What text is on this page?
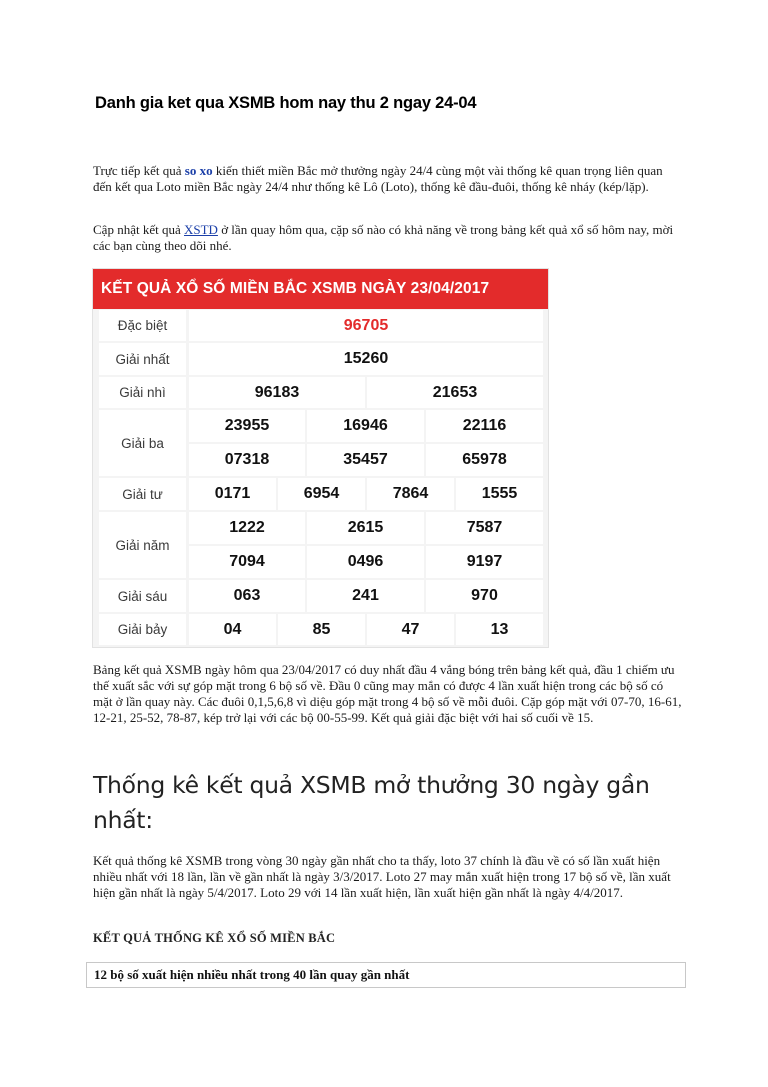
Danh gia ket qua XSMB hom nay thu 2 ngay 24-04

Trực tiếp kết quả so xo kiến thiết miền Bắc mở thưởng ngày 24/4 cùng một vài thống kê quan trọng liên quan đến kết qua Loto miền Bắc ngày 24/4 như thống kê Lô (Loto), thống kê đầu-đuôi, thống kê nháy (kép/lặp).

Cập nhật kết quả XSTD ở lần quay hôm qua, cặp số nào có khả năng về trong bảng kết quả xổ số hôm nay, mời các bạn cùng theo dõi nhé.

KẾT QUẢ XỔ SỐ MIỀN BẮC XSMB NGÀY 23/04/2017
Đặc biệt	96705
Giải nhất	15260
Giải nhì	96183	21653
Giải ba
23955	16946	22116
07318	35457	65978
Giải tư	0171	6954	7864	1555
Giải năm
1222	2615	7587
7094	0496	9197
Giải sáu	063	241	970
Giải bảy	04	85	47	13

Bảng kết quả XSMB ngày hôm qua 23/04/2017 có duy nhất đầu 4 vắng bóng trên bảng kết quả, đầu 1 chiếm ưu thế xuất sắc với sự góp mặt trong 6 bộ số về. Đầu 0 cũng may mắn có được 4 lần xuất hiện trong các bộ số có mặt ở lần quay này. Các đuôi 0,1,5,6,8 vì diệu góp mặt trong 4 bộ số về mỗi đuôi. Cặp góp mặt với 07-70, 16-61, 12-21, 25-52, 78-87, kép trở lại với các bộ 00-55-99. Kết quả giải đặc biệt với hai số cuối về 15.

Thống kê kết quả XSMB mở thưởng 30 ngày gần nhất:

Kết quả thống kê XSMB trong vòng 30 ngày gần nhất cho ta thấy, loto 37 chính là đầu về có số lần xuất hiện nhiều nhất với 18 lần, lần về gần nhất là ngày 3/3/2017. Loto 27 may mắn xuất hiện trong 17 bộ số về, lần xuất hiện gần nhất là ngày 5/4/2017. Loto 29 với 14 lần xuất hiện, lần xuất hiện gần nhất là ngày 4/4/2017.

KẾT QUẢ THỐNG KÊ XỔ SỐ MIỀN BẮC

12 bộ số xuất hiện nhiều nhất trong 40 lần quay gần nhất
